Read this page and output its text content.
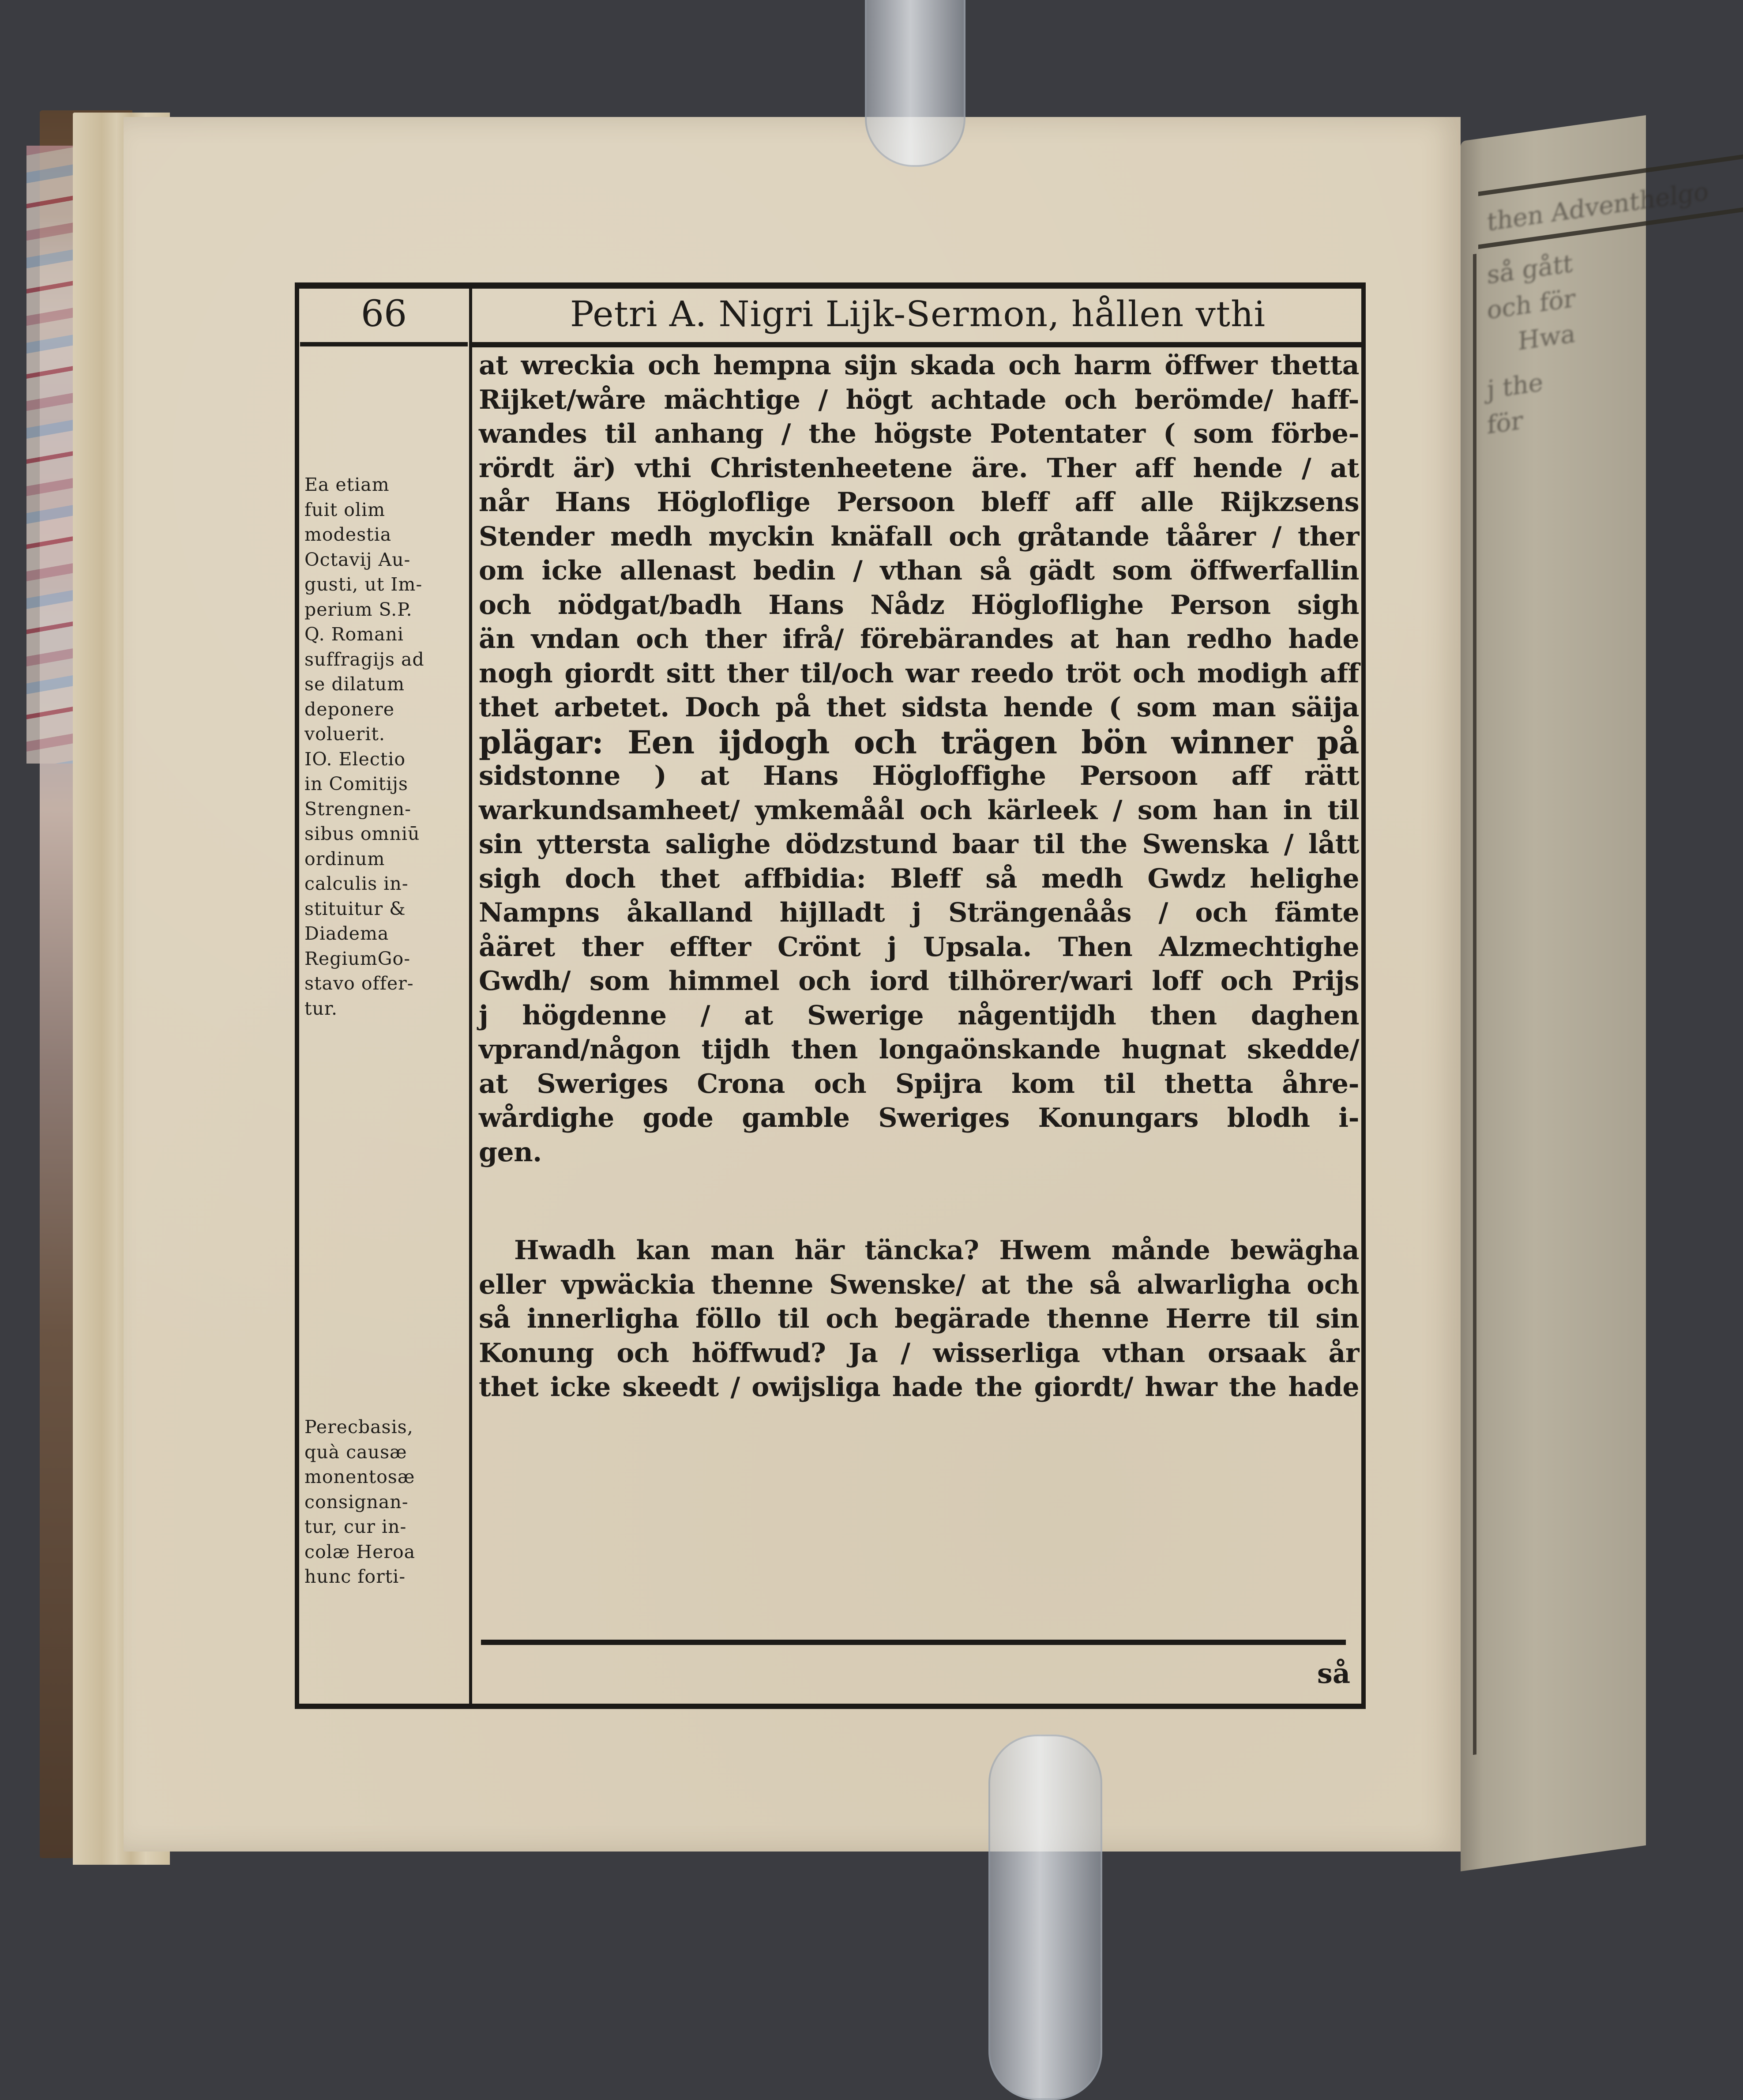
then Adventhelgo
så gått
och för
Hwa
j the
för
66	Petri A. Nigri Lijk-Sermon, hållen vthi
Ea etiam
fuit olim
modestia
Octavij Au-
gusti, ut Im-
perium S.P.
Q. Romani
suffragijs ad
se dilatum
deponere
voluerit.
IO. Electio
in Comitijs
Strengnen-
sibus omniū
ordinum
calculis in-
stituitur &
Diadema
RegiumGo-
stavo offer-
tur.
Perecbasis,
quà causæ
monentosæ
consignan-
tur, cur in-
colæ Heroa
hunc forti-
at wreckia och hempna sijn skada och harm öffwer thetta
Rijket/wåre mächtige / högt achtade och berömde/ haff-
wandes til anhang / the högste Potentater ( som förbe-
rördt är) vthi Christenheetene äre. Ther aff hende / at
når Hans Högloflige Persoon bleff aff alle Rijkzsens
Stender medh myckin knäfall och gråtande tåårer / ther
om icke allenast bedin / vthan så gädt som öffwerfallin
och nödgat/badh Hans Nådz Högloflighe Person sigh
än vndan och ther ifrå/ förebärandes at han redho hade
nogh giordt sitt ther til/och war reedo tröt och modigh aff
thet arbetet. Doch på thet sidsta hende ( som man säija
plägar: Een ijdogh och trägen bön winner på
sidstonne ) at Hans Högloffighe Persoon aff rätt
warkundsamheet/ ymkemåål och kärleek / som han in til
sin yttersta salighe dödzstund baar til the Swenska / lått
sigh doch thet affbidia: Bleff så medh Gwdz helighe
Nampns åkalland hijlladt j Strängenåås / och fämte
åäret ther effter Crönt j Upsala. Then Alzmechtighe
Gwdh/ som himmel och iord tilhörer/wari loff och Prijs
j högdenne / at Swerige någentijdh then daghen
vprand/någon tijdh then longaönskande hugnat skedde/
at Sweriges Crona och Spijra kom til thetta åhre-
wårdighe gode gamble Sweriges Konungars blodh i-
gen.
Hwadh kan man här täncka? Hwem månde bewägha
eller vpwäckia thenne Swenske/ at the så alwarligha och
så innerligha föllo til och begärade thenne Herre til sin
Konung och höffwud? Ja / wisserliga vthan orsaak år
thet icke skeedt / owijsliga hade the giordt/ hwar the hade
så
